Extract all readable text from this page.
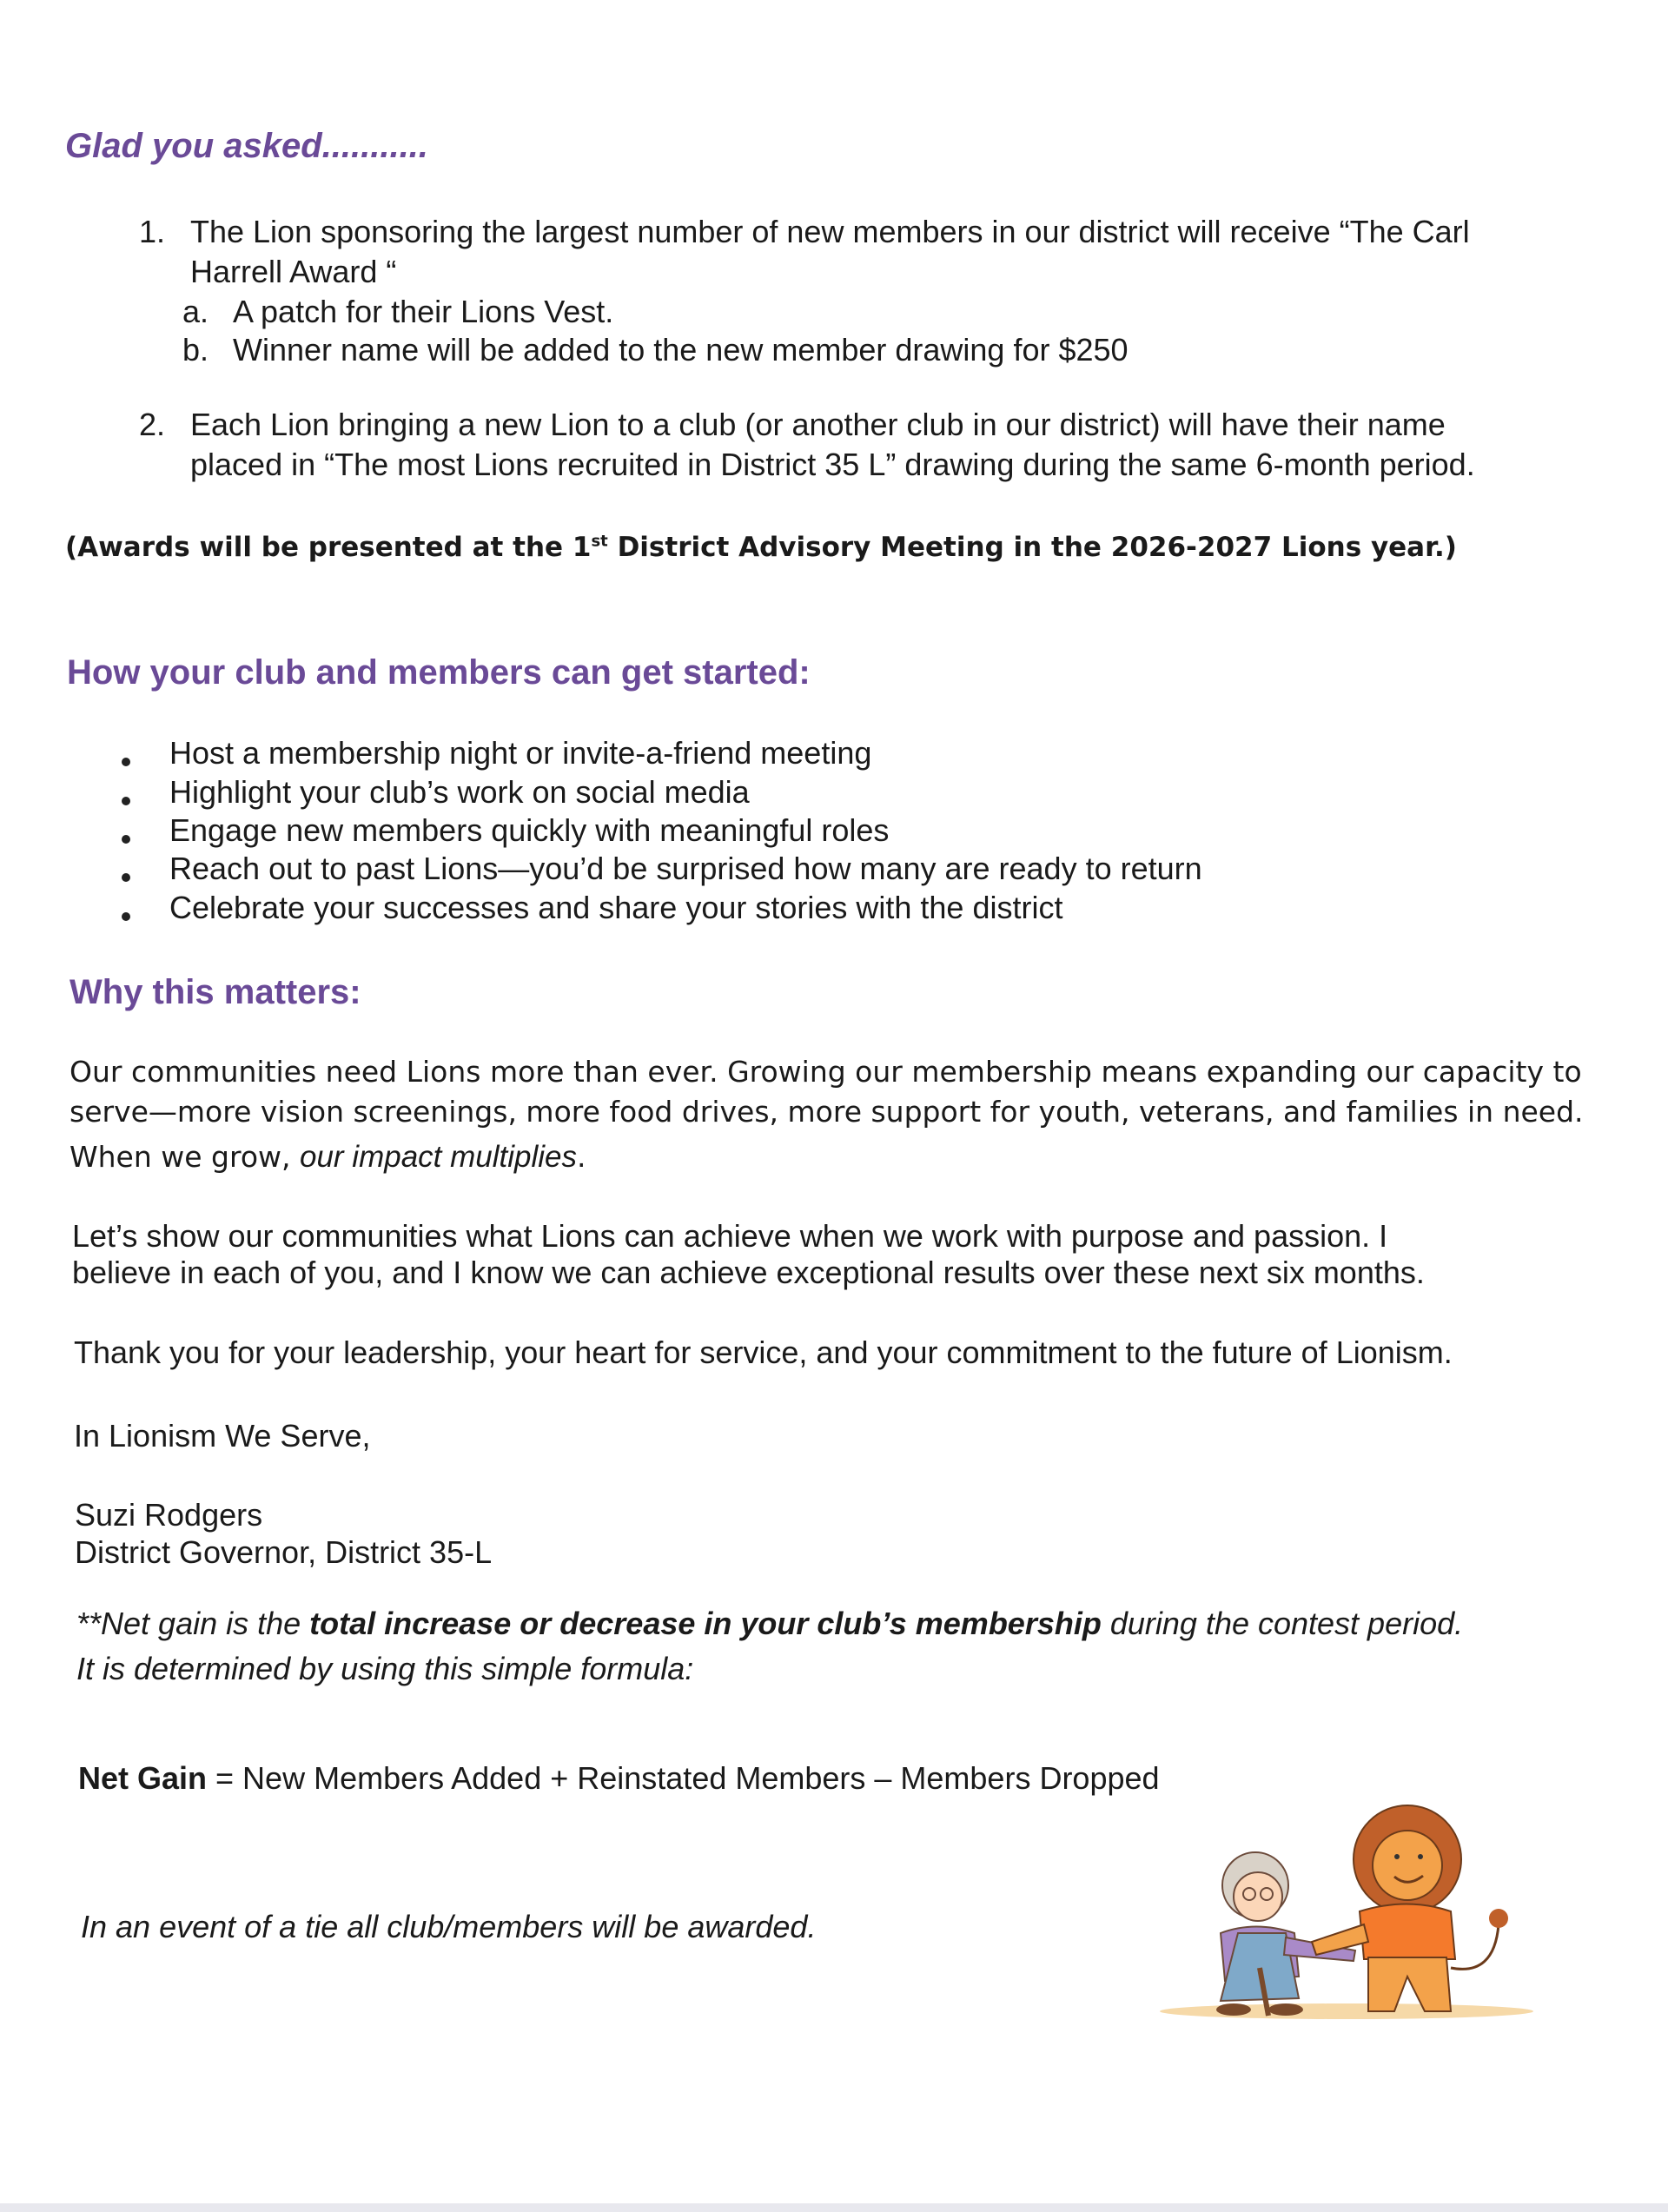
Glad you asked...........
1. The Lion sponsoring the largest number of new members in our district will receive “The Carl
Harrell Award “
a. A patch for their Lions Vest.
b. Winner name will be added to the new member drawing for $250
2. Each Lion bringing a new Lion to a club (or another club in our district) will have their name
placed in “The most Lions recruited in District 35 L” drawing during the same 6-month period.
(Awards will be presented at the 1st District Advisory Meeting in the 2026-2027 Lions year.)
How your club and members can get started:
Host a membership night or invite-a-friend meeting
Highlight your club’s work on social media
Engage new members quickly with meaningful roles
Reach out to past Lions—you’d be surprised how many are ready to return
Celebrate your successes and share your stories with the district
Why this matters:
Our communities need Lions more than ever. Growing our membership means expanding our capacity to
serve—more vision screenings, more food drives, more support for youth, veterans, and families in need.
When we grow, our impact multiplies.
Let’s show our communities what Lions can achieve when we work with purpose and passion. I
believe in each of you, and I know we can achieve exceptional results over these next six months.
Thank you for your leadership, your heart for service, and your commitment to the future of Lionism.
In Lionism We Serve,
Suzi Rodgers
District Governor, District 35-L
**Net gain is the total increase or decrease in your club’s membership during the contest period.
It is determined by using this simple formula:
Net Gain = New Members Added + Reinstated Members – Members Dropped
In an event of a tie all club/members will be awarded.
